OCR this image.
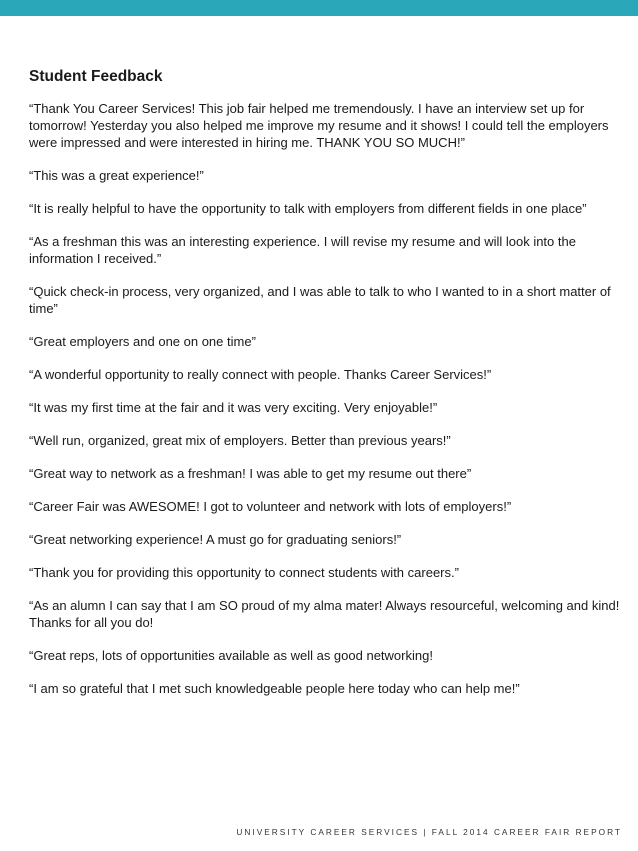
Student Feedback

“Thank You Career Services! This job fair helped me tremendously. I have an interview set up for tomorrow! Yesterday you also helped me improve my resume and it shows! I could tell the employers were impressed and were interested in hiring me. THANK YOU SO MUCH!”

“This was a great experience!”

“It is really helpful to have the opportunity to talk with employers from different fields in one place”

“As a freshman this was an interesting experience. I will revise my resume and will look into the information I received.”

“Quick check-in process, very organized, and I was able to talk to who I wanted to in a short matter of time”

“Great employers and one on one time”

“A wonderful opportunity to really connect with people. Thanks Career Services!”

“It was my first time at the fair and it was very exciting. Very enjoyable!”

“Well run, organized, great mix of employers. Better than previous years!”

“Great way to network as a freshman! I was able to get my resume out there”

“Career Fair was AWESOME! I got to volunteer and network with lots of employers!”

“Great networking experience! A must go for graduating seniors!”

“Thank you for providing this opportunity to connect students with careers.”

“As an alumn I can say that I am SO proud of my alma mater! Always resourceful, welcoming and kind! Thanks for all you do!

“Great reps, lots of opportunities available as well as good networking!

“I am so grateful that I met such knowledgeable people here today who can help me!”

UNIVERSITY CAREER SERVICES | FALL 2014 CAREER FAIR REPORT
